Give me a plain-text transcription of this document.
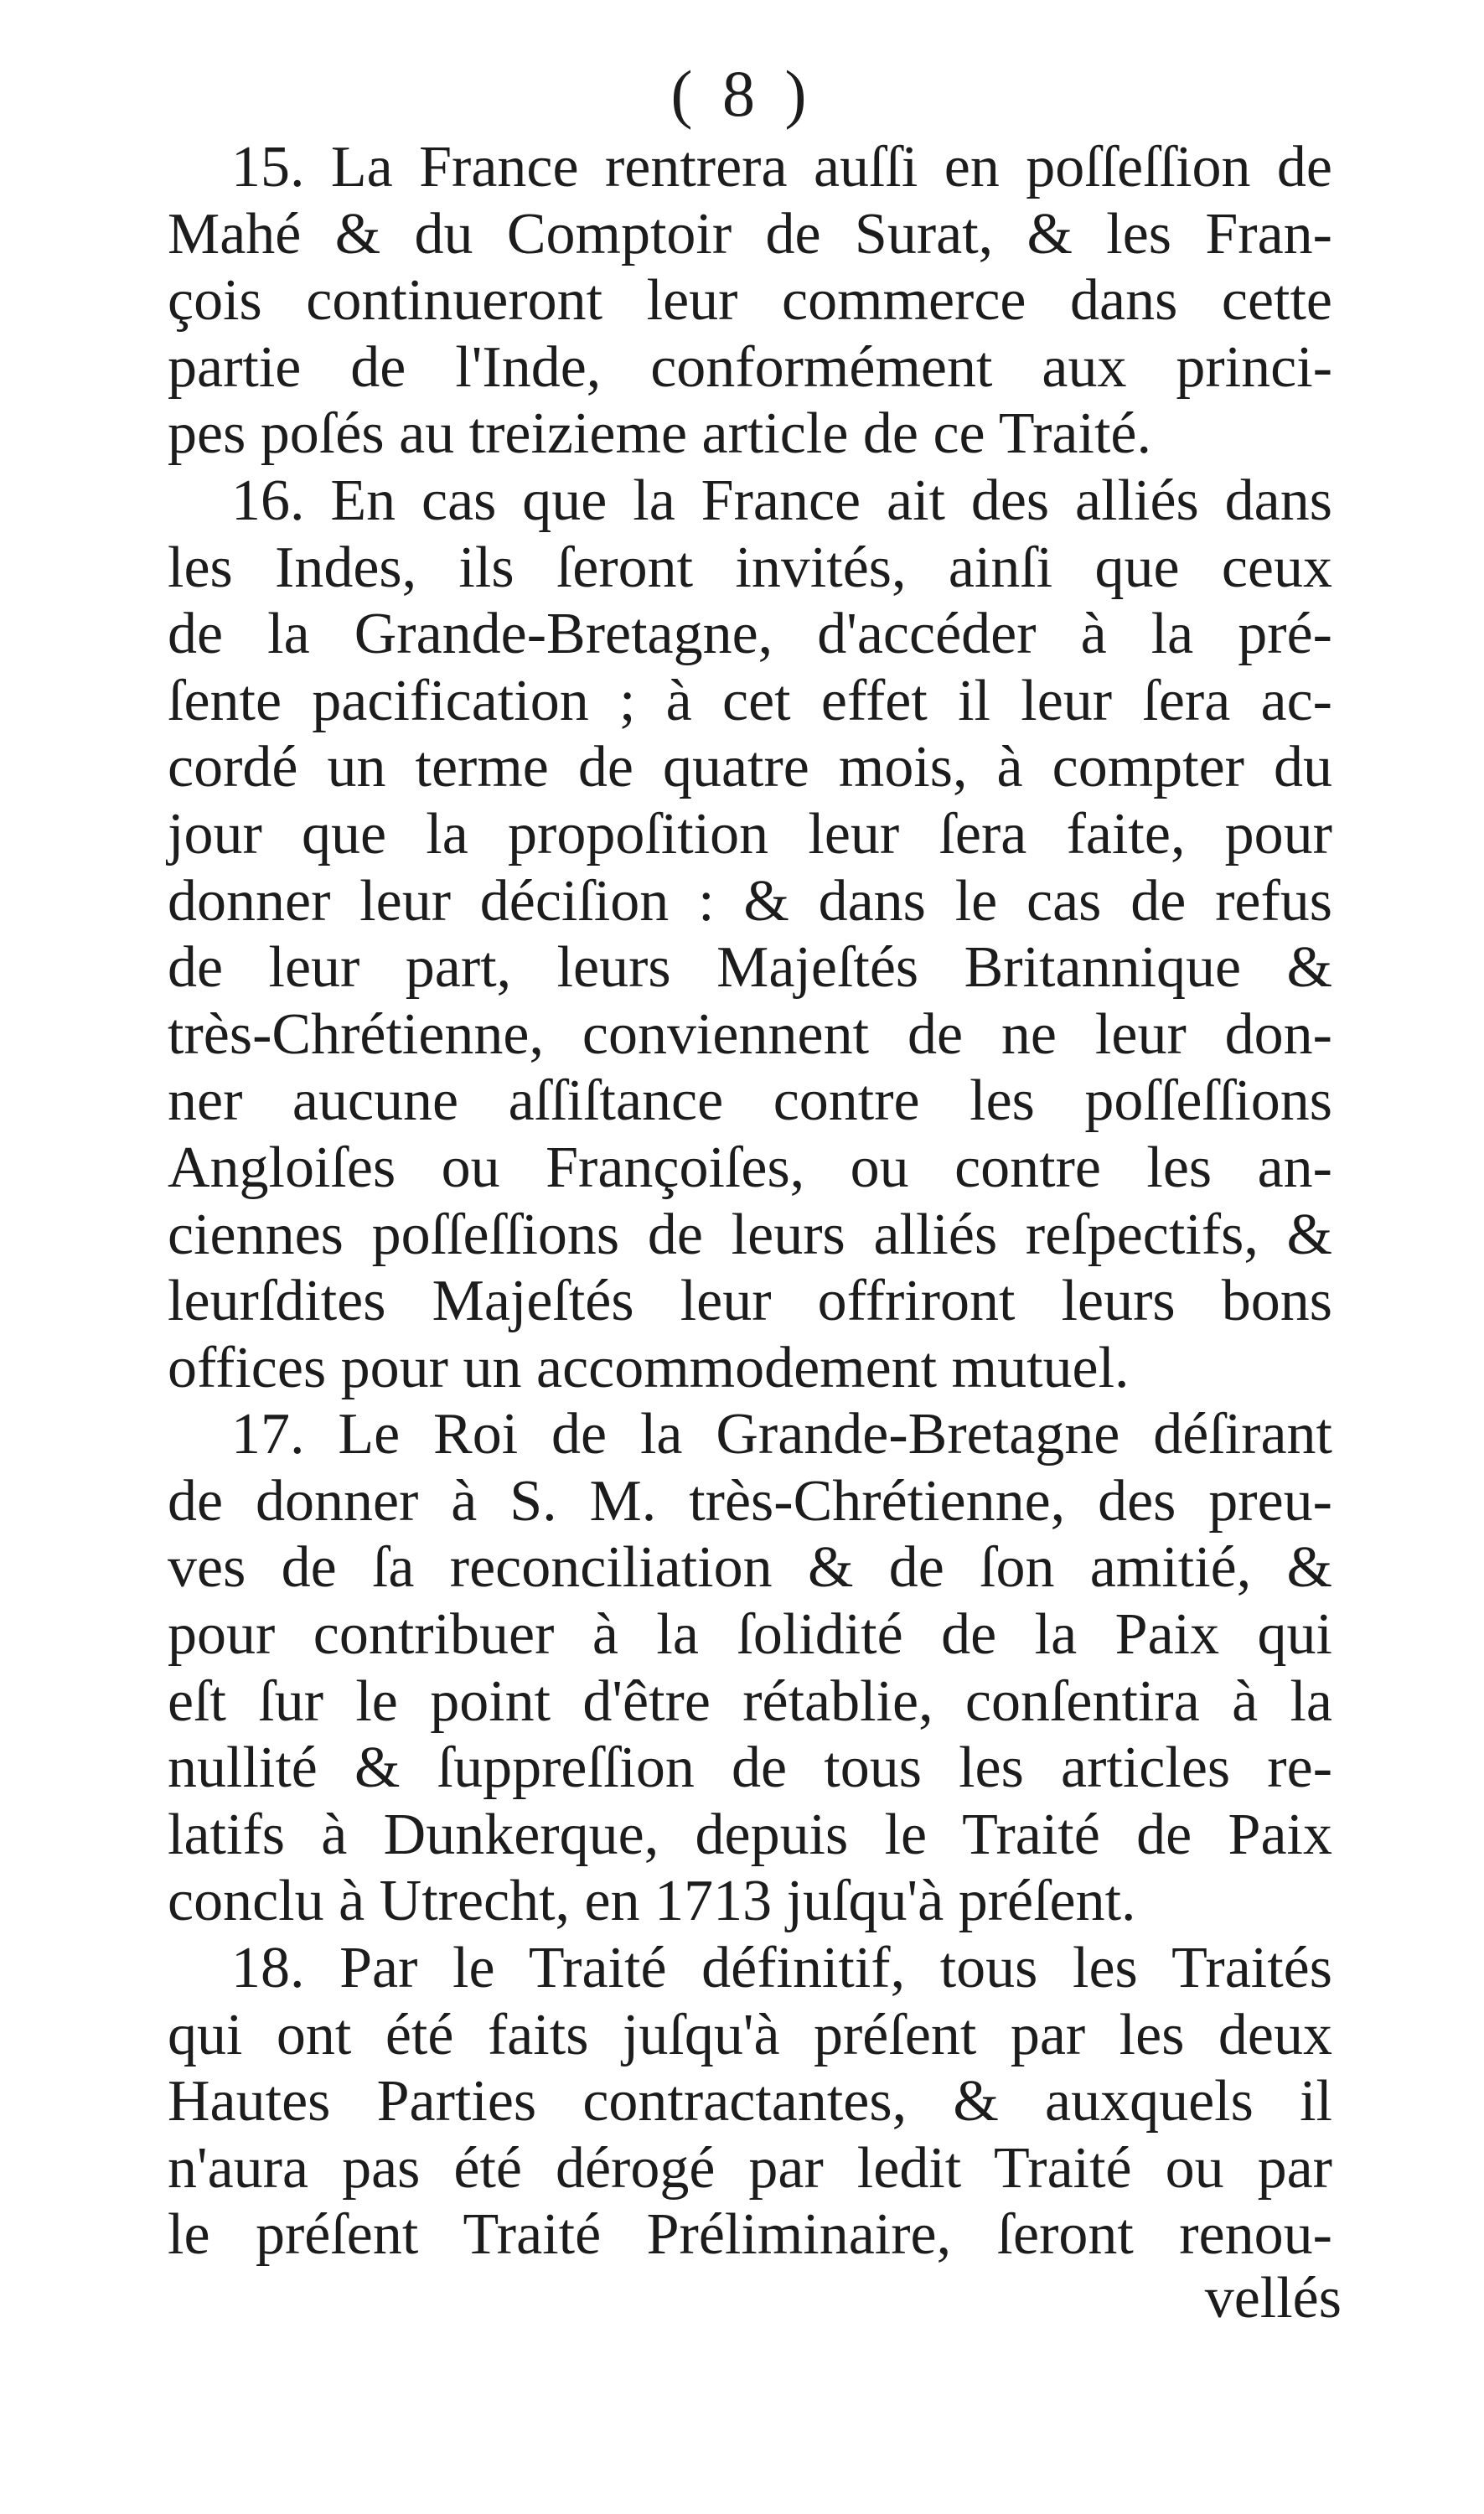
( 8 )
15. La France rentrera auſſi en poſſeſſion de
Mahé & du Comptoir de Surat, & les Fran-
çois continueront leur commerce dans cette
partie de l'Inde, conformément aux princi-
pes poſés au treizieme article de ce Traité.
16. En cas que la France ait des alliés dans
les Indes, ils ſeront invités, ainſi que ceux
de la Grande-Bretagne, d'accéder à la pré-
ſente pacification ; à cet effet il leur ſera ac-
cordé un terme de quatre mois, à compter du
jour que la propoſition leur ſera faite, pour
donner leur déciſion : & dans le cas de refus
de leur part, leurs Majeſtés Britannique &
très-Chrétienne, conviennent de ne leur don-
ner aucune aſſiſtance contre les poſſeſſions
Angloiſes ou Françoiſes, ou contre les an-
ciennes poſſeſſions de leurs alliés reſpectifs, &
leurſdites Majeſtés leur offriront leurs bons
offices pour un accommodement mutuel.
17. Le Roi de la Grande-Bretagne déſirant
de donner à S. M. très-Chrétienne, des preu-
ves de ſa reconciliation & de ſon amitié, &
pour contribuer à la ſolidité de la Paix qui
eſt ſur le point d'être rétablie, conſentira à la
nullité & ſuppreſſion de tous les articles re-
latifs à Dunkerque, depuis le Traité de Paix
conclu à Utrecht, en 1713 juſqu'à préſent.
18. Par le Traité définitif, tous les Traités
qui ont été faits juſqu'à préſent par les deux
Hautes Parties contractantes, & auxquels il
n'aura pas été dérogé par ledit Traité ou par
le préſent Traité Préliminaire, ſeront renou-
vellés
